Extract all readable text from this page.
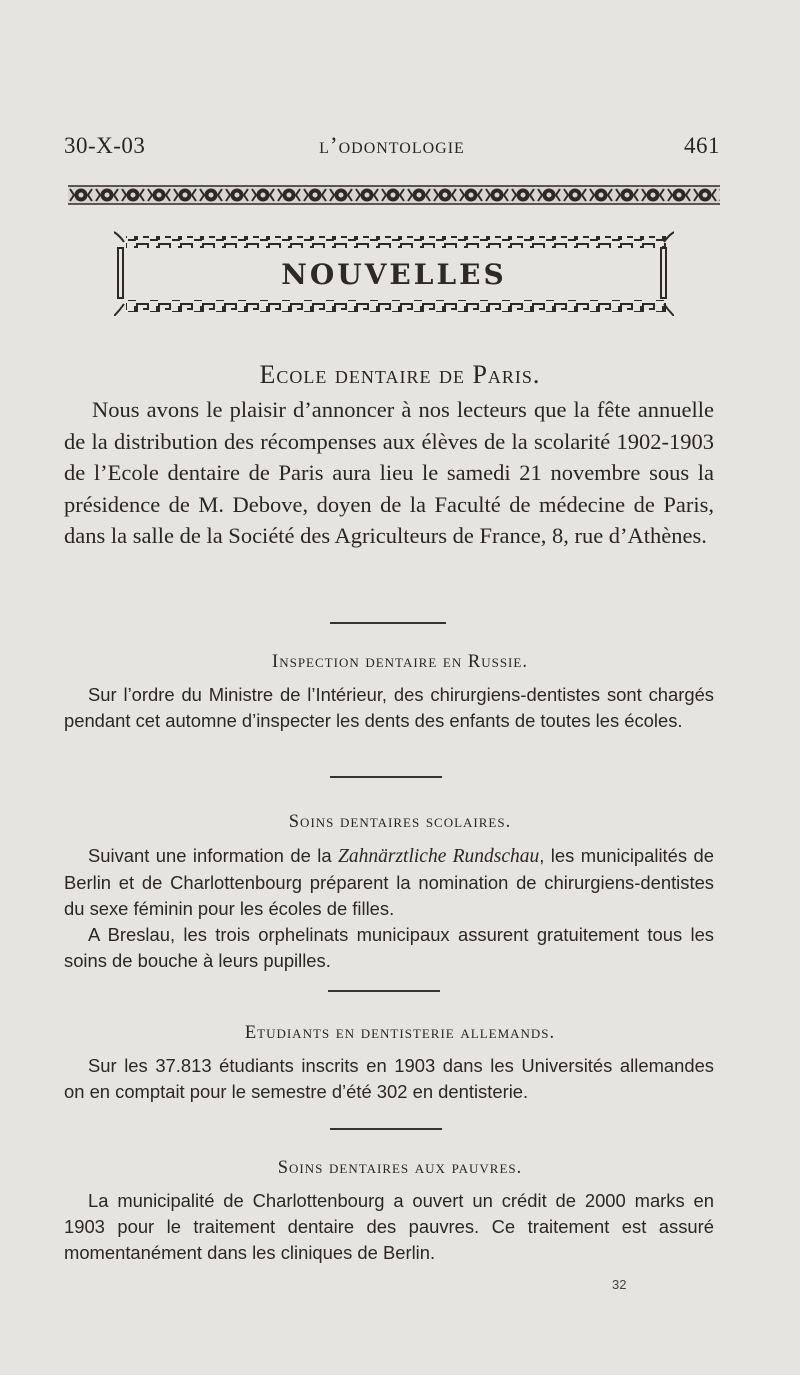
30-X-03	l’odontologie	461
NOUVELLES
Ecole dentaire de Paris.

Nous avons le plaisir d’annoncer à nos lecteurs que la fête annuelle de la distribution des récompenses aux élèves de la scolarité 1902-1903 de l’Ecole dentaire de Paris aura lieu le samedi 21 novembre sous la présidence de M. Debove, doyen de la Faculté de médecine de Paris, dans la salle de la Société des Agriculteurs de France, 8, rue d’Athènes.

Inspection dentaire en Russie.

Sur l’ordre du Ministre de l’Intérieur, des chirurgiens-dentistes sont chargés pendant cet automne d’inspecter les dents des enfants de toutes les écoles.

Soins dentaires scolaires.

Suivant une information de la Zahnärztliche Rundschau, les municipalités de Berlin et de Charlottenbourg préparent la nomination de chirurgiens-dentistes du sexe féminin pour les écoles de filles.

A Breslau, les trois orphelinats municipaux assurent gratuitement tous les soins de bouche à leurs pupilles.

Etudiants en dentisterie allemands.

Sur les 37.813 étudiants inscrits en 1903 dans les Universités allemandes on en comptait pour le semestre d’été 302 en dentisterie.

Soins dentaires aux pauvres.

La municipalité de Charlottenbourg a ouvert un crédit de 2000 marks en 1903 pour le traitement dentaire des pauvres. Ce traitement est assuré momentanément dans les cliniques de Berlin.

32
